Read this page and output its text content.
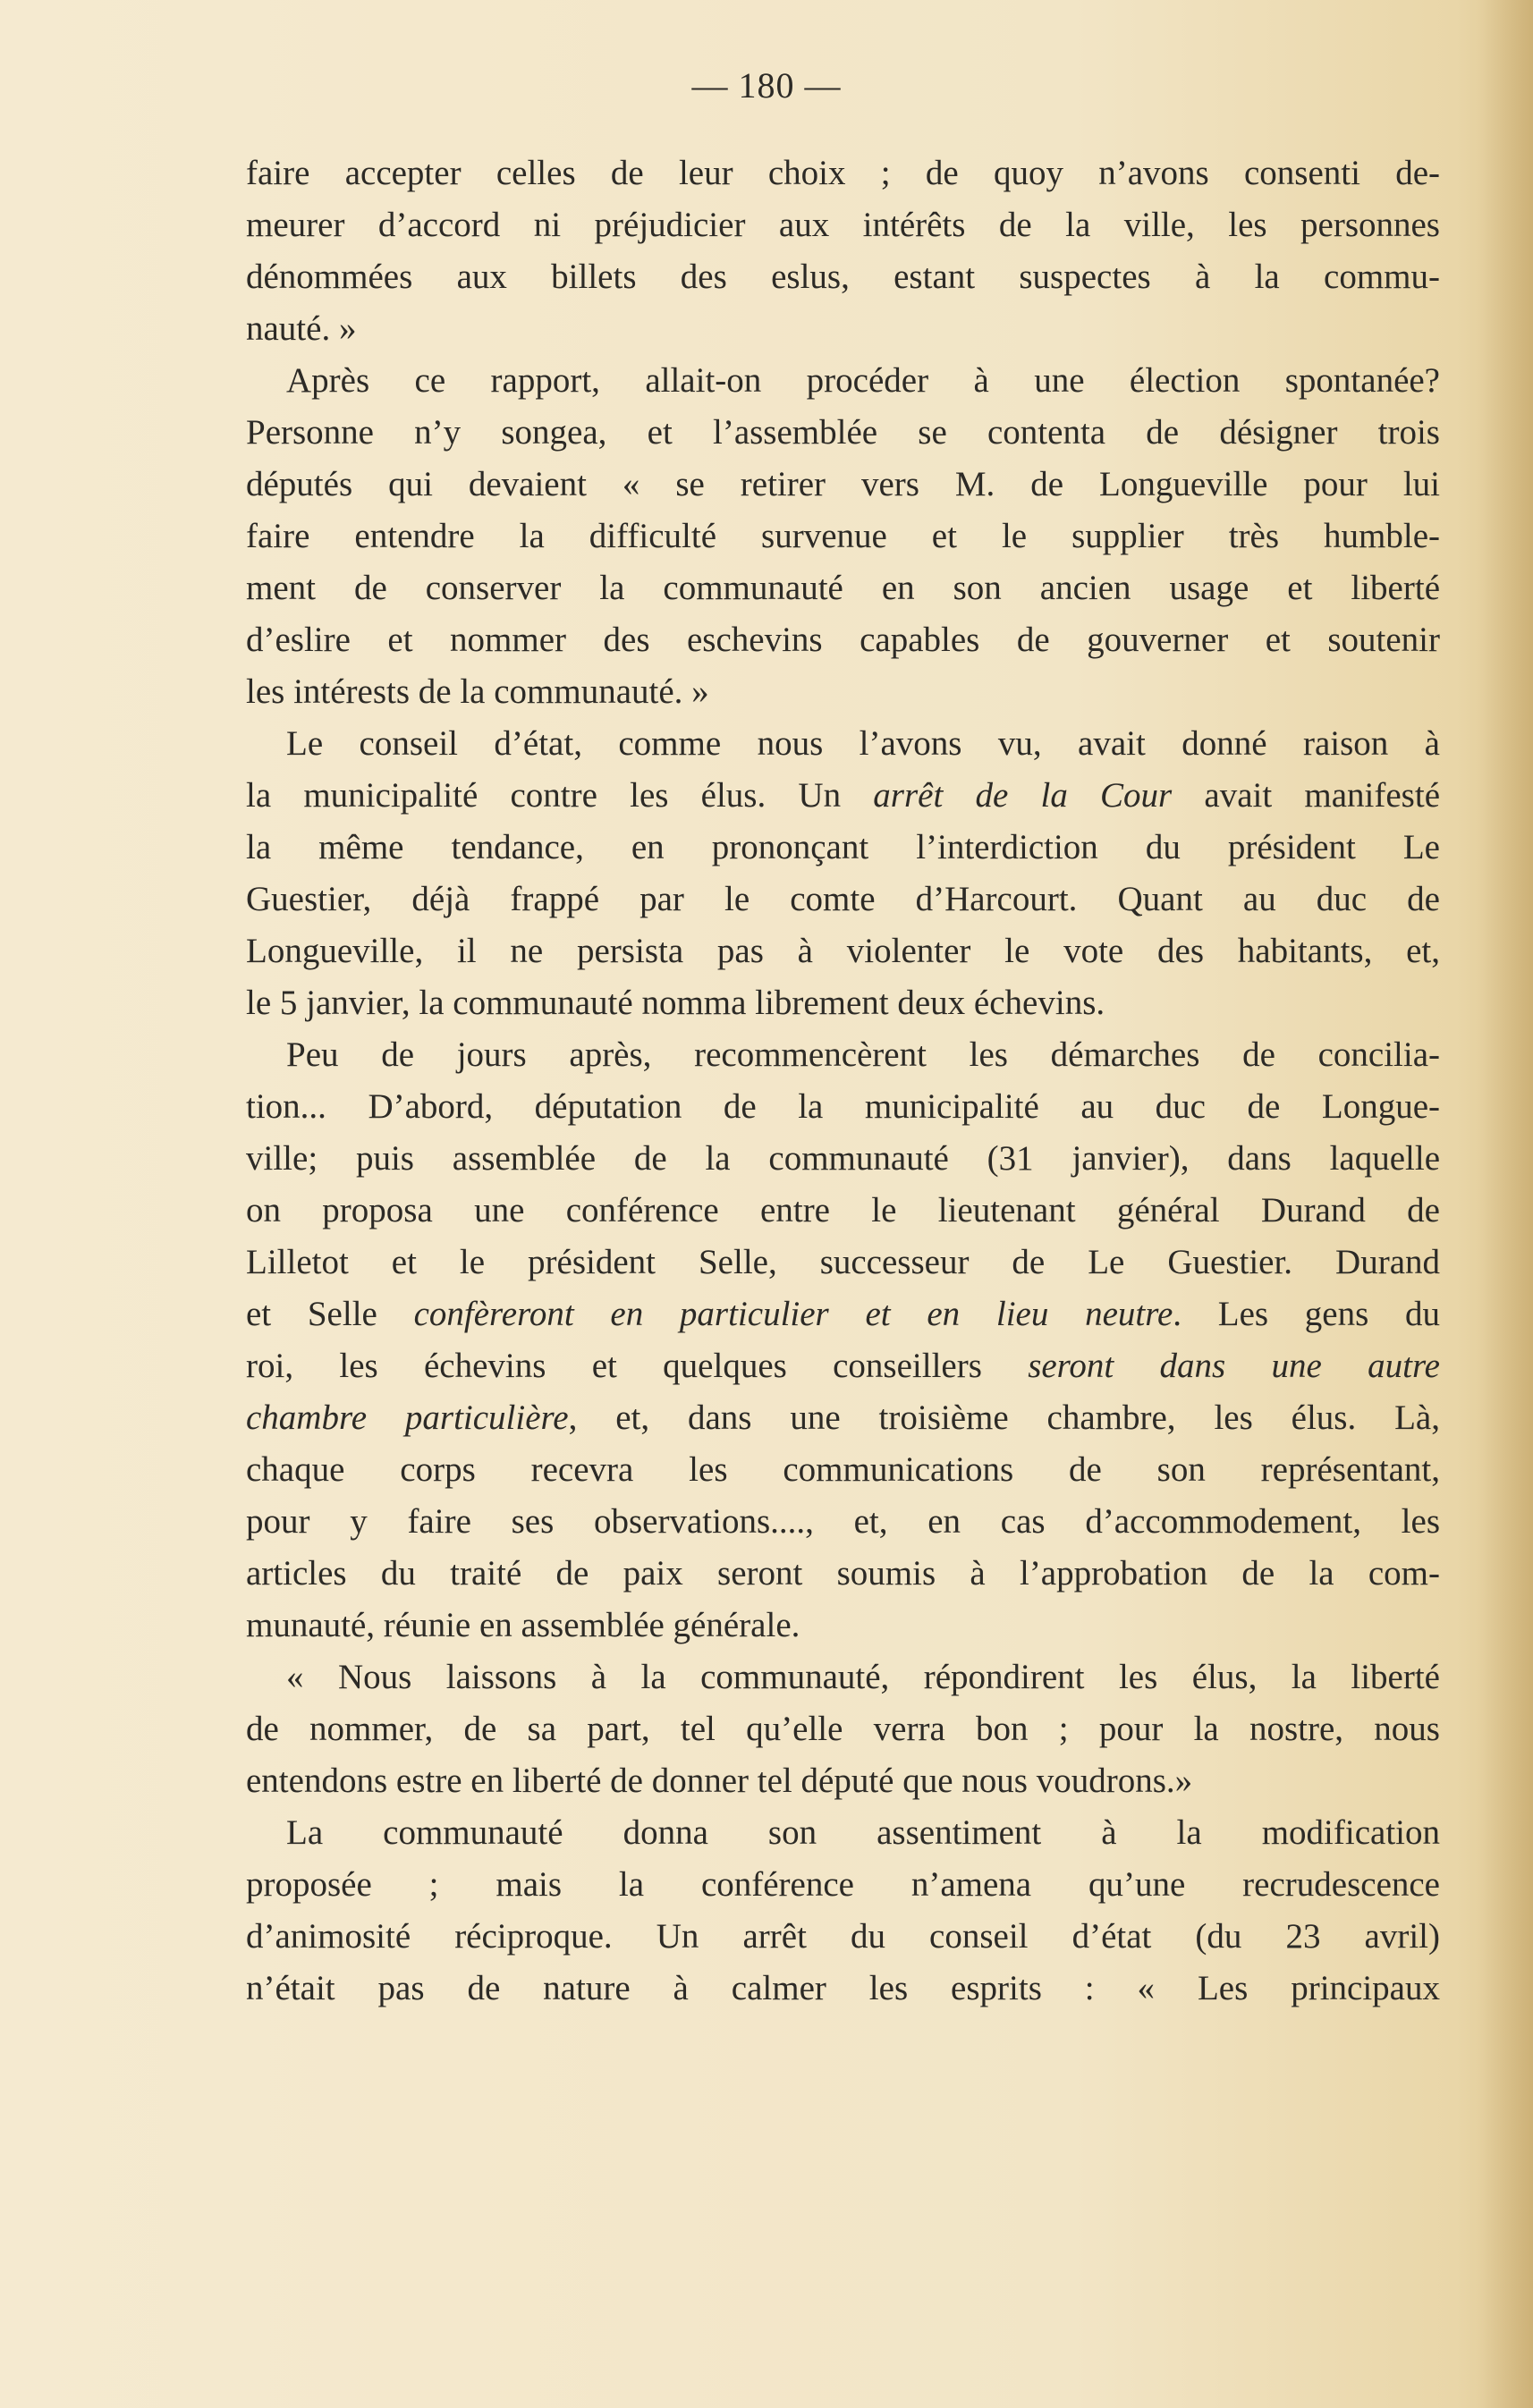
— 180 —
faire accepter celles de leur choix ; de quoy n’avons consenti de-
meurer d’accord ni préjudicier aux intérêts de la ville, les personnes
dénommées aux billets des eslus, estant suspectes à la commu-
nauté. »
Après ce rapport, allait-on procéder à une élection spontanée?
Personne n’y songea, et l’assemblée se contenta de désigner trois
députés qui devaient « se retirer vers M. de Longueville pour lui
faire entendre la difficulté survenue et le supplier très humble-
ment de conserver la communauté en son ancien usage et liberté
d’eslire et nommer des eschevins capables de gouverner et soutenir
les intérests de la communauté. »
Le conseil d’état, comme nous l’avons vu, avait donné raison à
la municipalité contre les élus. Un arrêt de la Cour avait manifesté
la même tendance, en prononçant l’interdiction du président Le
Guestier, déjà frappé par le comte d’Harcourt. Quant au duc de
Longueville, il ne persista pas à violenter le vote des habitants, et,
le 5 janvier, la communauté nomma librement deux échevins.
Peu de jours après, recommencèrent les démarches de concilia-
tion... D’abord, députation de la municipalité au duc de Longue-
ville; puis assemblée de la communauté (31 janvier), dans laquelle
on proposa une conférence entre le lieutenant général Durand de
Lilletot et le président Selle, successeur de Le Guestier. Durand
et Selle confèreront en particulier et en lieu neutre. Les gens du
roi, les échevins et quelques conseillers seront dans une autre
chambre particulière, et, dans une troisième chambre, les élus. Là,
chaque corps recevra les communications de son représentant,
pour y faire ses observations...., et, en cas d’accommodement, les
articles du traité de paix seront soumis à l’approbation de la com-
munauté, réunie en assemblée générale.
« Nous laissons à la communauté, répondirent les élus, la liberté
de nommer, de sa part, tel qu’elle verra bon ; pour la nostre, nous
entendons estre en liberté de donner tel député que nous voudrons.»
La communauté donna son assentiment à la modification
proposée ; mais la conférence n’amena qu’une recrudescence
d’animosité réciproque. Un arrêt du conseil d’état (du 23 avril)
n’était pas de nature à calmer les esprits : « Les principaux
